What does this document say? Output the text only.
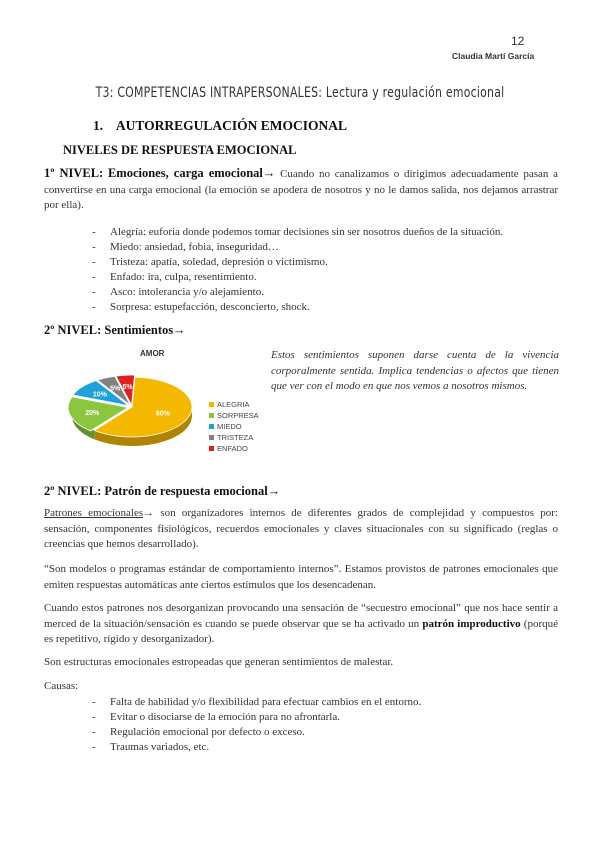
12
Claudia Martí García
T3: COMPETENCIAS INTRAPERSONALES: Lectura y regulación emocional
1. AUTORREGULACIÓN EMOCIONAL
NIVELES DE RESPUESTA EMOCIONAL
1º NIVEL: Emociones, carga emocional→ Cuando no canalizamos o dirigimos adecuadamente pasan a convertirse en una carga emocional (la emoción se apodera de nosotros y no le damos salida, nos dejamos arrastrar por ella).
- Alegría: euforia donde podemos tomar decisiones sin ser nosotros dueños de la situación.
- Miedo: ansiedad, fobia, inseguridad…
- Tristeza: apatía, soledad, depresión o victimismo.
- Enfado: ira, culpa, resentimiento.
- Asco: intolerancia y/o alejamiento.
- Sorpresa: estupefacción, desconcierto, shock.
2º NIVEL: Sentimientos→
AMOR
60%
20%
10%
5% 5%
ALEGRIA
SORPRESA
MIEDO
TRISTEZA
ENFADO
Estos sentimientos suponen darse cuenta de la vivencia corporalmente sentida. Implica tendencias o afectos que tienen que ver con el modo en que nos vemos a nosotros mismos.
2º NIVEL: Patrón de respuesta emocional→
Patrones emocionales→ son organizadores internos de diferentes grados de complejidad y compuestos por: sensación, componentes fisiológicos, recuerdos emocionales y claves situacionales con su significado (reglas o creencias que hemos desarrollado).
“Son modelos o programas estándar de comportamiento internos”. Estamos provistos de patrones emocionales que emiten respuestas automáticas ante ciertos estímulos que los desencadenan.
Cuando estos patrones nos desorganizan provocando una sensación de “secuestro emocional” que nos hace sentir a merced de la situación/sensación es cuando se puede observar que se ha activado un patrón improductivo (porqué es repetitivo, rígido y desorganizador).
Son estructuras emocionales estropeadas que generan sentimientos de malestar.
Causas:
- Falta de habilidad y/o flexibilidad para efectuar cambios en el entorno.
- Evitar o disociarse de la emoción para no afrontarla.
- Regulación emocional por defecto o exceso.
- Traumas variados, etc.
